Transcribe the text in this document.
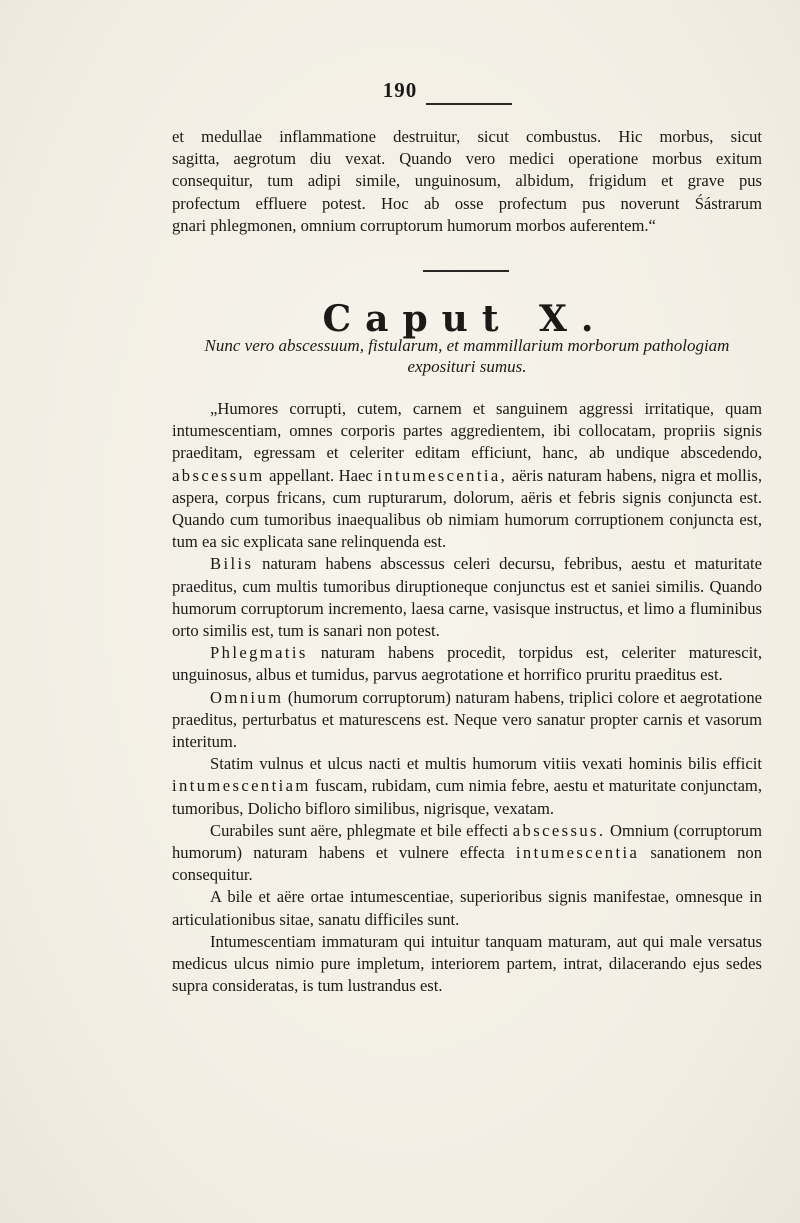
190

et medullae inflammatione destruitur, sicut combustus. Hic morbus, sicut

sagitta, aegrotum diu vexat. Quando vero medici operatione morbus exitum

consequitur, tum adipi simile, unguinosum, albidum, frigidum et grave pus

profectum effluere potest. Hoc ab osse profectum pus noverunt Śástrarum

gnari phlegmonen, omnium corruptorum humorum morbos auferentem.“

Caput X.
Nunc vero abscessuum, fistularum, et mammillarium morborum pathologiam
exposituri sumus.

„Humores corrupti, cutem, carnem et sanguinem aggressi irritatique, quam intumescentiam, omnes corporis partes aggredientem, ibi collocatam, propriis signis praeditam, egressam et celeriter editam efficiunt, hanc, ab undique abscedendo, abscessum appellant. Haec intumescentia, aëris naturam habens, nigra et mollis, aspera, corpus fricans, cum rupturarum, dolorum, aëris et febris signis conjuncta est. Quando cum tumoribus inaequalibus ob nimiam humorum corruptionem conjuncta est, tum ea sic explicata sane relinquenda est.

Bilis naturam habens abscessus celeri decursu, febribus, aestu et maturitate praeditus, cum multis tumoribus diruptioneque conjunctus est et saniei similis. Quando humorum corruptorum incremento, laesa carne, vasisque instructus, et limo a fluminibus orto similis est, tum is sanari non potest.

Phlegmatis naturam habens procedit, torpidus est, celeriter maturescit, unguinosus, albus et tumidus, parvus aegrotatione et horrifico pruritu praeditus est.

Omnium (humorum corruptorum) naturam habens, triplici colore et aegrotatione praeditus, perturbatus et maturescens est. Neque vero sanatur propter carnis et vasorum interitum.

Statim vulnus et ulcus nacti et multis humorum vitiis vexati hominis bilis efficit intumescentiam fuscam, rubidam, cum nimia febre, aestu et maturitate conjunctam, tumoribus, Dolicho bifloro similibus, nigrisque, vexatam.

Curabiles sunt aëre, phlegmate et bile effecti abscessus. Omnium (corruptorum humorum) naturam habens et vulnere effecta intumescentia sanationem non consequitur.

A bile et aëre ortae intumescentiae, superioribus signis manifestae, omnesque in articulationibus sitae, sanatu difficiles sunt.

Intumescentiam immaturam qui intuitur tanquam maturam, aut qui male versatus medicus ulcus nimio pure impletum, interiorem partem, intrat, dilacerando ejus sedes supra consideratas, is tum lustrandus est.
